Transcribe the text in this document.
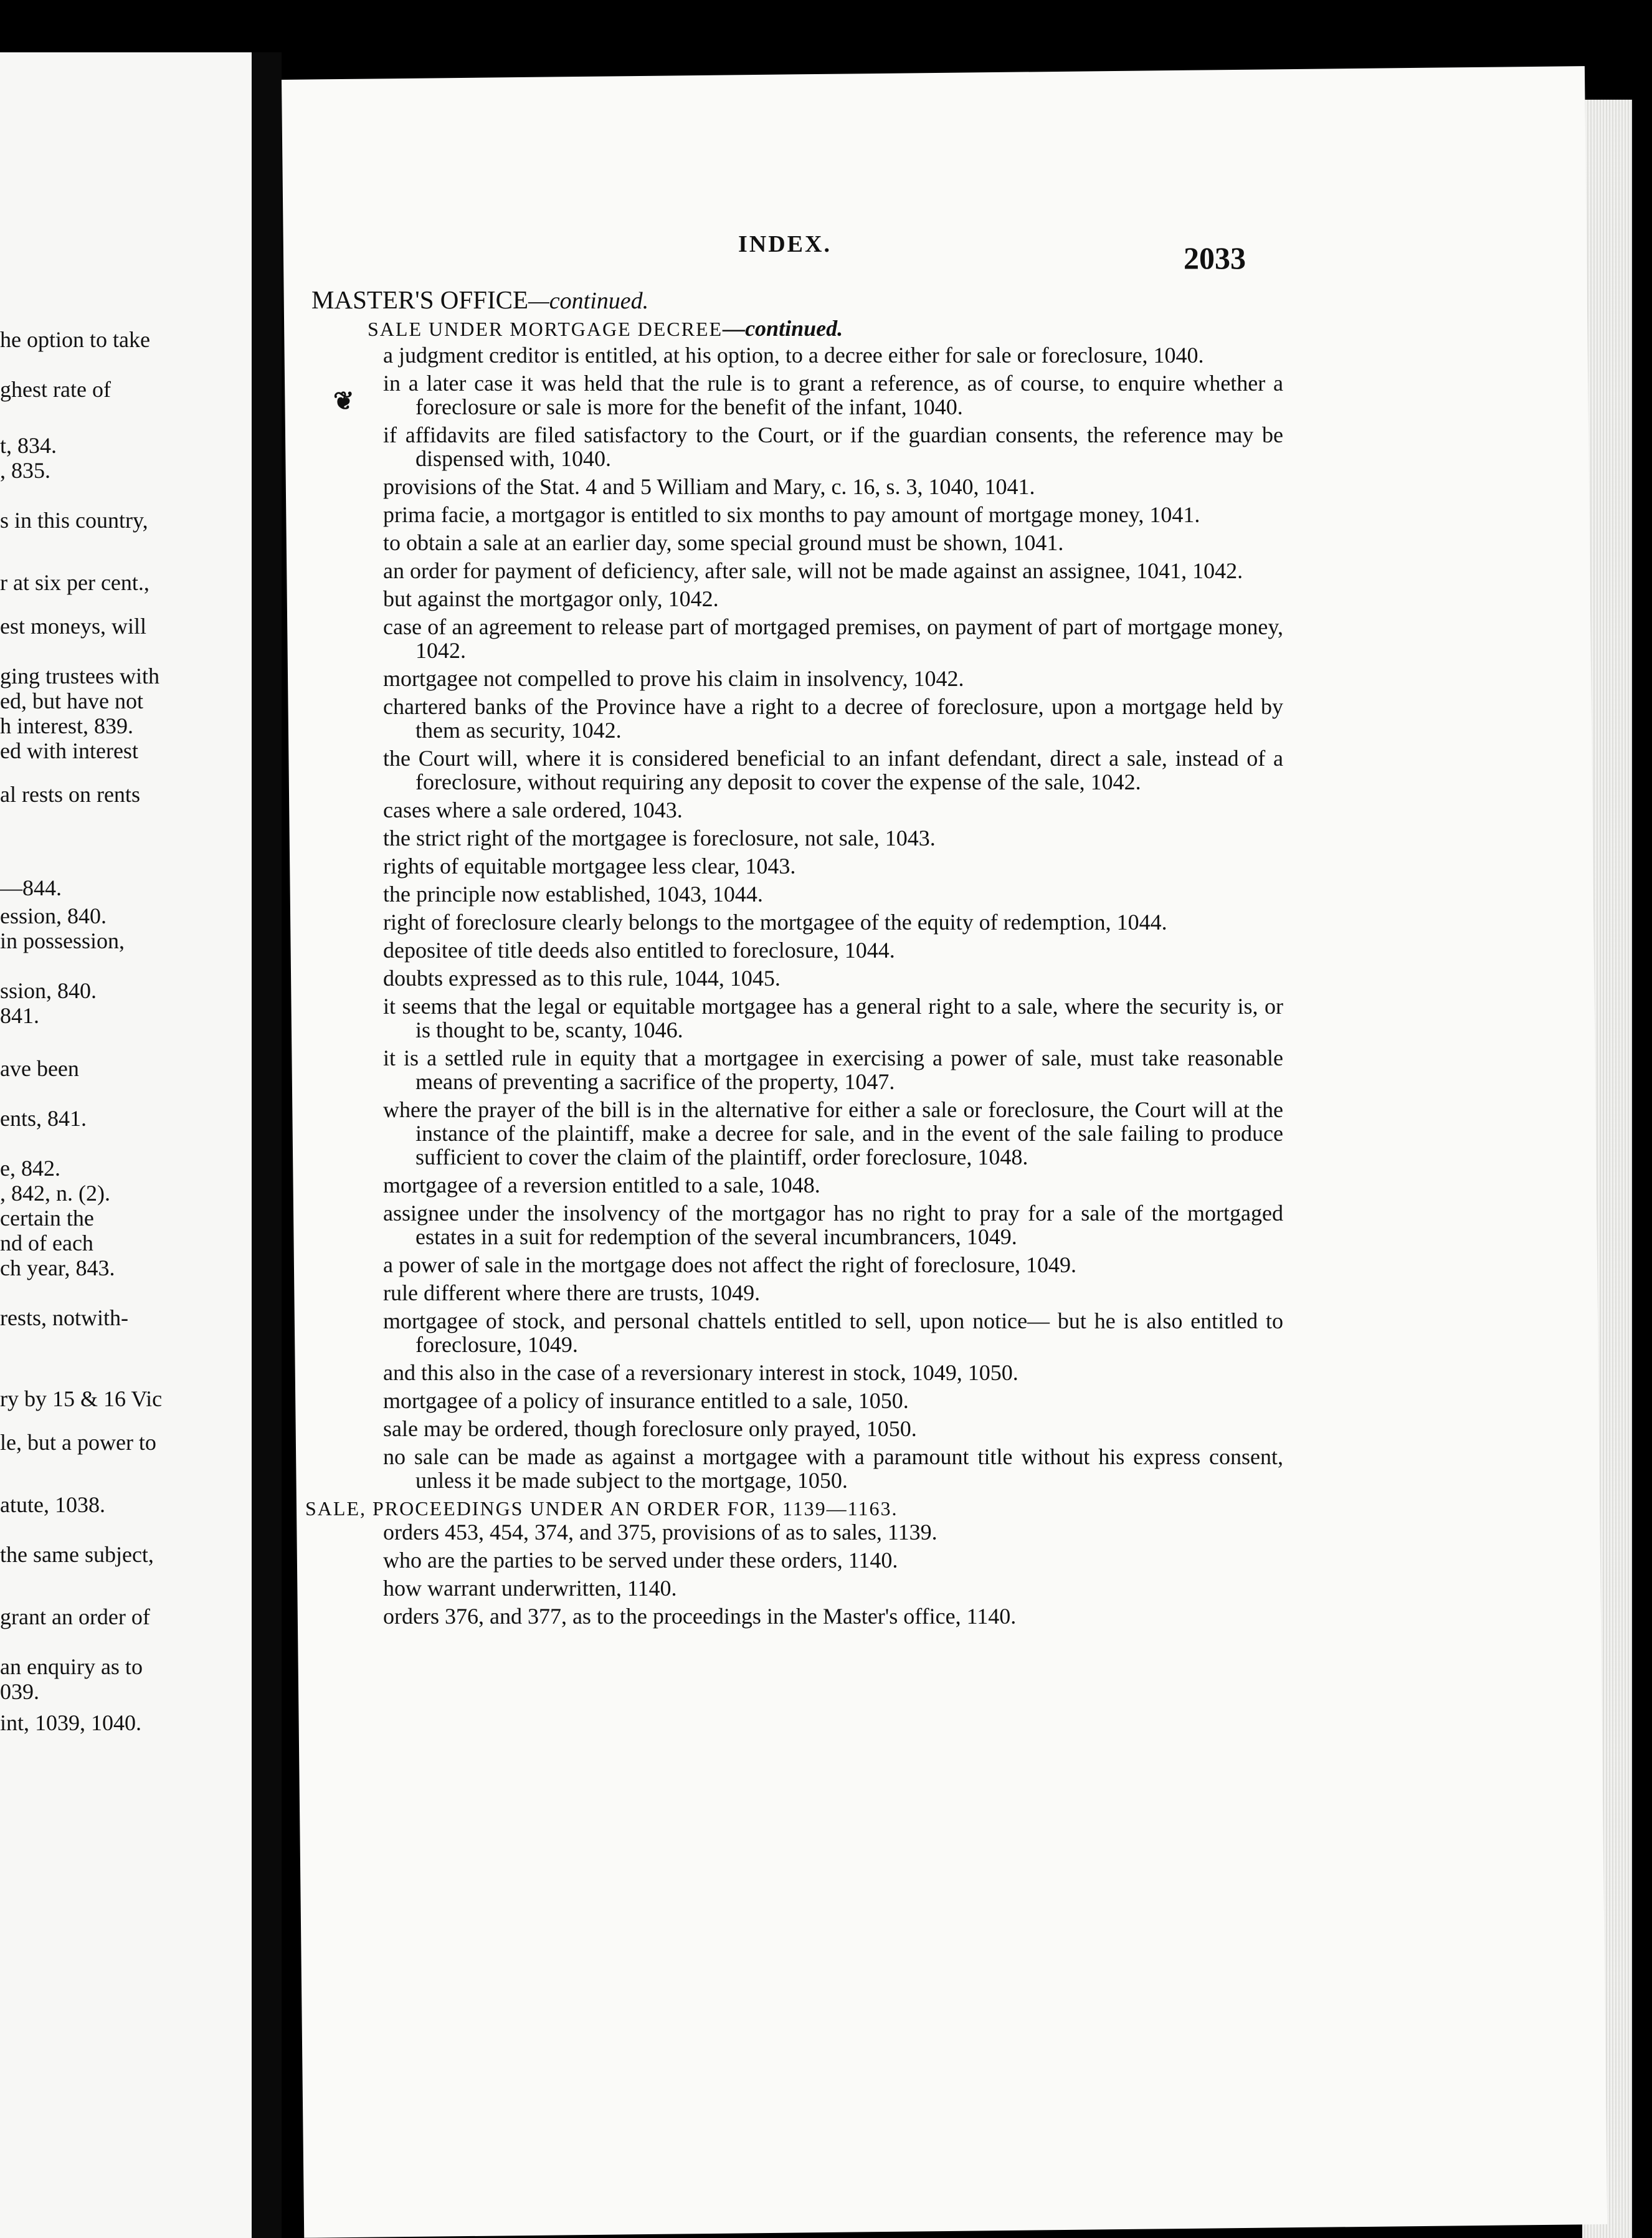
he option to take
ghest rate of
t, 834.
, 835.
s in this country,
r at six per cent.,
est moneys, will
ging trustees with
ed, but have not
h interest, 839.
ed with interest
al rests on rents
—844.
ession, 840.
in possession,
ssion, 840.
841.
ave been
ents, 841.
e, 842.
, 842, n. (2).
certain the
nd of each
ch year, 843.
rests, notwith-
ry by 15 & 16 Vic
le, but a power to
atute, 1038.
the same subject,
grant an order of
an enquiry as to
039.
int, 1039, 1040.
INDEX.	2033
❦
MASTER'S OFFICE—continued.
SALE UNDER MORTGAGE DECREE—continued.
a judgment creditor is entitled, at his option, to a decree either for sale or foreclosure, 1040.
in a later case it was held that the rule is to grant a reference, as of course, to enquire whether a foreclosure or sale is more for the benefit of the infant, 1040.
if affidavits are filed satisfactory to the Court, or if the guardian consents, the reference may be dispensed with, 1040.
provisions of the Stat. 4 and 5 William and Mary, c. 16, s. 3, 1040, 1041.
prima facie, a mortgagor is entitled to six months to pay amount of mortgage money, 1041.
to obtain a sale at an earlier day, some special ground must be shown, 1041.
an order for payment of deficiency, after sale, will not be made against an assignee, 1041, 1042.
but against the mortgagor only, 1042.
case of an agreement to release part of mortgaged premises, on payment of part of mortgage money, 1042.
mortgagee not compelled to prove his claim in insolvency, 1042.
chartered banks of the Province have a right to a decree of foreclosure, upon a mortgage held by them as security, 1042.
the Court will, where it is considered beneficial to an infant defendant, direct a sale, instead of a foreclosure, without requiring any deposit to cover the expense of the sale, 1042.
cases where a sale ordered, 1043.
the strict right of the mortgagee is foreclosure, not sale, 1043.
rights of equitable mortgagee less clear, 1043.
the principle now established, 1043, 1044.
right of foreclosure clearly belongs to the mortgagee of the equity of redemption, 1044.
depositee of title deeds also entitled to foreclosure, 1044.
doubts expressed as to this rule, 1044, 1045.
it seems that the legal or equitable mortgagee has a general right to a sale, where the security is, or is thought to be, scanty, 1046.
it is a settled rule in equity that a mortgagee in exercising a power of sale, must take reasonable means of preventing a sacrifice of the property, 1047.
where the prayer of the bill is in the alternative for either a sale or foreclosure, the Court will at the instance of the plaintiff, make a decree for sale, and in the event of the sale failing to produce sufficient to cover the claim of the plaintiff, order foreclosure, 1048.
mortgagee of a reversion entitled to a sale, 1048.
assignee under the insolvency of the mortgagor has no right to pray for a sale of the mortgaged estates in a suit for redemption of the several incumbrancers, 1049.
a power of sale in the mortgage does not affect the right of foreclosure, 1049.
rule different where there are trusts, 1049.
mortgagee of stock, and personal chattels entitled to sell, upon notice— but he is also entitled to foreclosure, 1049.
and this also in the case of a reversionary interest in stock, 1049, 1050.
mortgagee of a policy of insurance entitled to a sale, 1050.
sale may be ordered, though foreclosure only prayed, 1050.
no sale can be made as against a mortgagee with a paramount title without his express consent, unless it be made subject to the mortgage, 1050.
SALE, PROCEEDINGS UNDER AN ORDER FOR, 1139—1163.
orders 453, 454, 374, and 375, provisions of as to sales, 1139.
who are the parties to be served under these orders, 1140.
how warrant underwritten, 1140.
orders 376, and 377, as to the proceedings in the Master's office, 1140.
